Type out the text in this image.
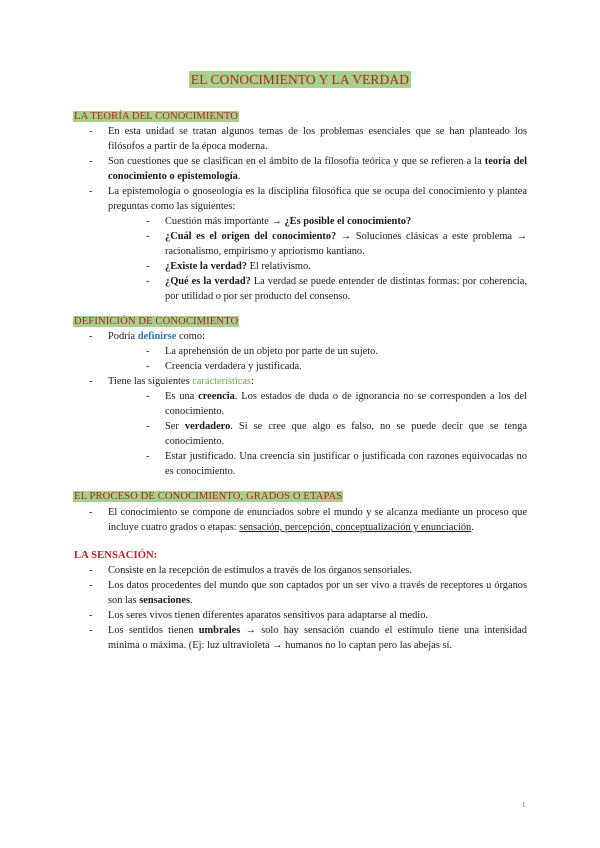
EL CONOCIMIENTO Y LA VERDAD
LA TEORÍA DEL CONOCIMIENTO
- En esta unidad se tratan algunos temas de los problemas esenciales que se han planteado los filósofos a partir de la época moderna.
- Son cuestiones que se clasifican en el ámbito de la filosofía teórica y que se refieren a la teoría del conocimiento o epistemología.
- La epistemología o gnoseología es la disciplina filosófica que se ocupa del conocimiento y plantea preguntas como las siguientes:
- Cuestión más importante → ¿Es posible el conocimiento?
- ¿Cuál es el origen del conocimiento? → Soluciones clásicas a este problema → racionalismo, empirismo y apriorismo kantiano.
- ¿Existe la verdad? El relativismo.
- ¿Qué es la verdad? La verdad se puede entender de distintas formas: por coherencia, por utilidad o por ser producto del consenso.
DEFINICIÓN DE CONOCIMIENTO
- Podría definirse como:
- La aprehensión de un objeto por parte de un sujeto.
- Creencia verdadera y justificada.
- Tiene las siguientes características:
- Es una creencia. Los estados de duda o de ignorancia no se corresponden a los del conocimiento.
- Ser verdadero. Si se cree que algo es falso, no se puede decir que se tenga conocimiento.
- Estar justificado. Una creencia sin justificar o justificada con razones equivocadas no es conocimiento.
EL PROCESO DE CONOCIMIENTO, GRADOS O ETAPAS
- El conocimiento se compone de enunciados sobre el mundo y se alcanza mediante un proceso que incluye cuatro grados o etapas: sensación, percepción, conceptualización y enunciación.
LA SENSACIÓN:
- Consiste en la recepción de estímulos a través de los órganos sensoriales.
- Los datos procedentes del mundo que son captados por un ser vivo a través de receptores u órganos son las sensaciones.
- Los seres vivos tienen diferentes aparatos sensitivos para adaptarse al medio.
- Los sentidos tienen umbrales → solo hay sensación cuando el estímulo tiene una intensidad mínima o máxima. (Ej: luz ultravioleta → humanos no lo captan pero las abejas sí.
1
